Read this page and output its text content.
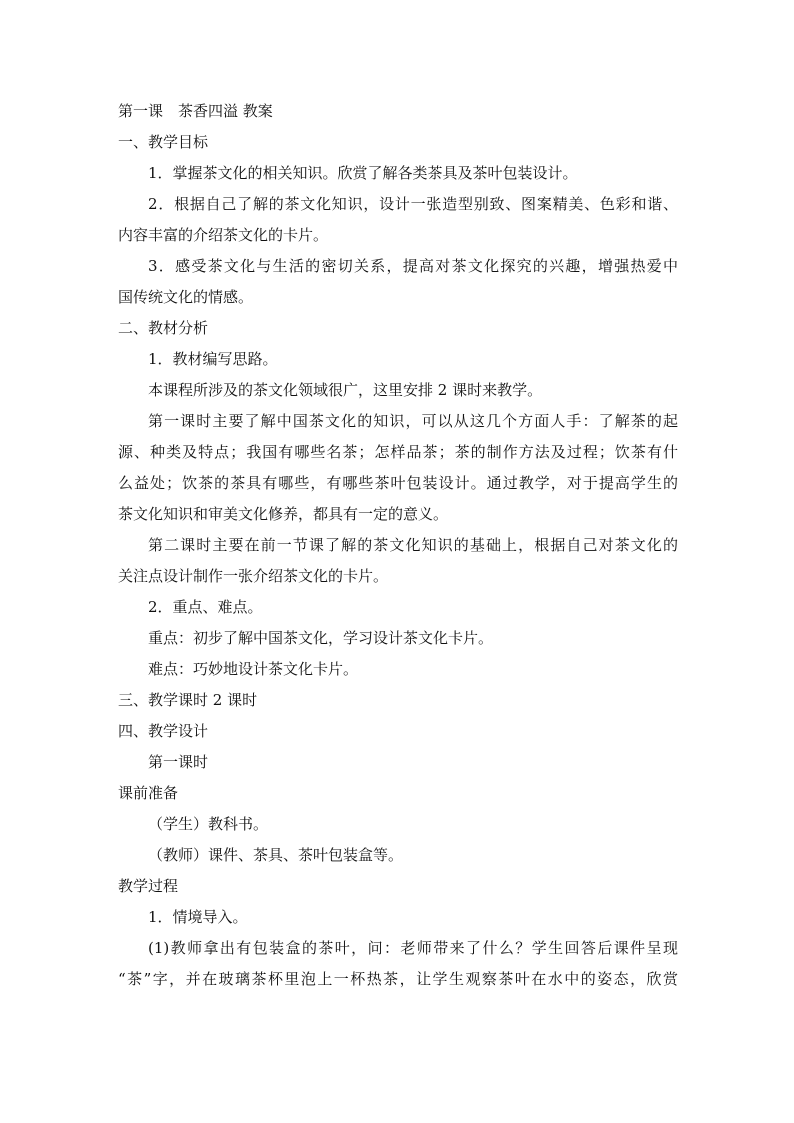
第一课　茶香四溢 教案
一、教学目标
1．掌握茶文化的相关知识。欣赏了解各类茶具及茶叶包装设计。
2．根据自己了解的茶文化知识，设计一张造型别致、图案精美、色彩和谐、
内容丰富的介绍茶文化的卡片。
3．感受茶文化与生活的密切关系，提高对茶文化探究的兴趣，增强热爱中
国传统文化的情感。
二、教材分析
1．教材编写思路。
本课程所涉及的茶文化领域很广，这里安排 2 课时来教学。
第一课时主要了解中国茶文化的知识，可以从这几个方面人手：了解茶的起
源、种类及特点；我国有哪些名茶；怎样品茶；茶的制作方法及过程；饮茶有什
么益处；饮茶的茶具有哪些，有哪些茶叶包装设计。通过教学，对于提高学生的
茶文化知识和审美文化修养，都具有一定的意义。
第二课时主要在前一节课了解的茶文化知识的基础上，根据自己对茶文化的
关注点设计制作一张介绍茶文化的卡片。
2．重点、难点。
重点：初步了解中国茶文化，学习设计茶文化卡片。
难点：巧妙地设计茶文化卡片。
三、教学课时 2 课时
四、教学设计
第一课时
课前准备
（学生）教科书。
（教师）课件、茶具、茶叶包装盒等。
教学过程
1．情境导入。
(1)教师拿出有包装盒的茶叶，问：老师带来了什么？学生回答后课件呈现
“茶”字，并在玻璃茶杯里泡上一杯热茶，让学生观察茶叶在水中的姿态，欣赏
